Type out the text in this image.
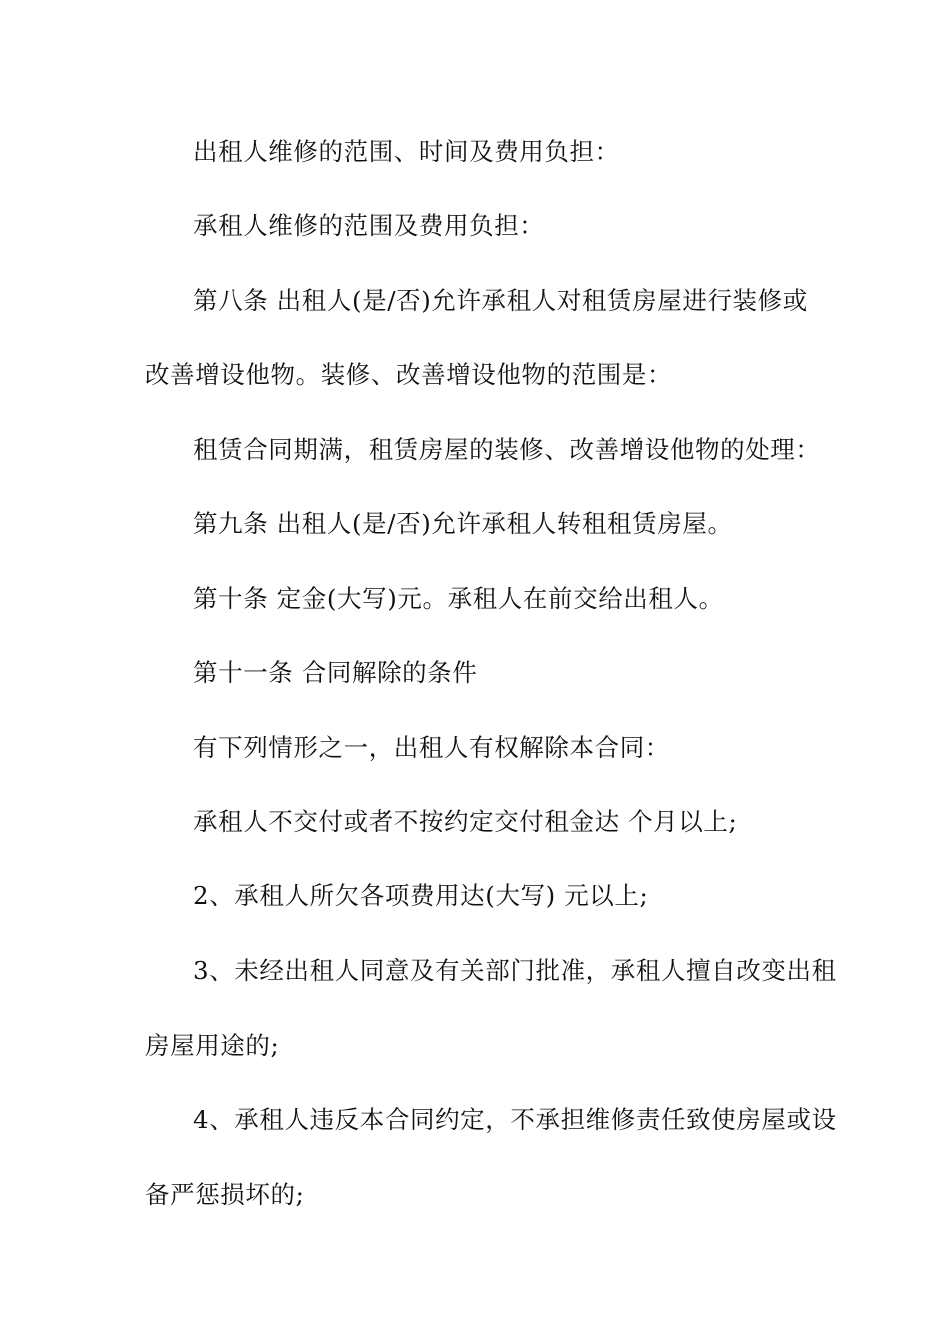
出租人维修的范围、时间及费用负担：
承租人维修的范围及费用负担：
第八条 出租人(是/否)允许承租人对租赁房屋进行装修或
改善增设他物。装修、改善增设他物的范围是：
租赁合同期满，租赁房屋的装修、改善增设他物的处理：
第九条 出租人(是/否)允许承租人转租租赁房屋。
第十条 定金(大写)元。承租人在前交给出租人。
第十一条 合同解除的条件
有下列情形之一，出租人有权解除本合同：
承租人不交付或者不按约定交付租金达 个月以上;
2、承租人所欠各项费用达(大写) 元以上;
3、未经出租人同意及有关部门批准，承租人擅自改变出租
房屋用途的;
4、承租人违反本合同约定，不承担维修责任致使房屋或设
备严惩损坏的;
